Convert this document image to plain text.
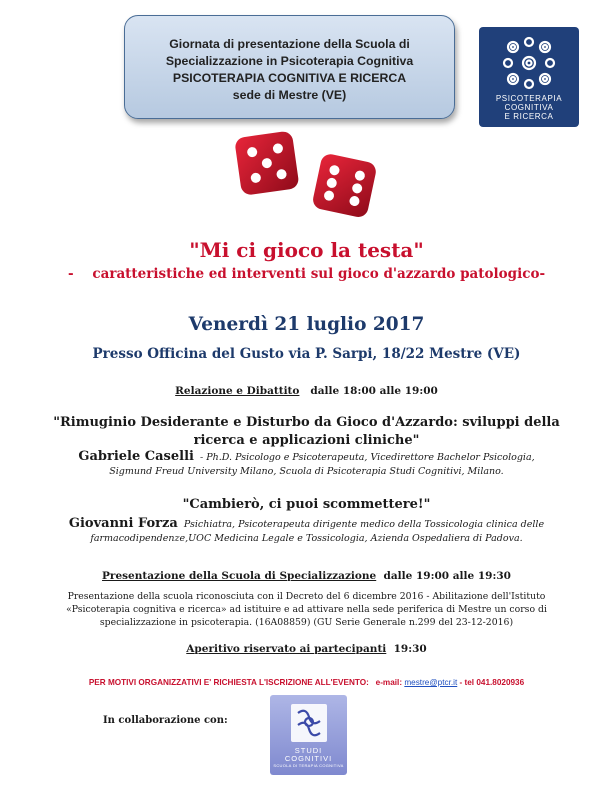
Giornata di presentazione della Scuola di
Specializzazione in Psicoterapia Cognitiva
PSICOTERAPIA COGNITIVA E RICERCA
sede di Mestre (VE)	PSICOTERAPIA
COGNITIVA
E RICERCA
"Mi ci gioco la testa"
- caratteristiche ed interventi sul gioco d'azzardo patologico-
Venerdì 21 luglio 2017
Presso Officina del Gusto via P. Sarpi, 18/22 Mestre (VE)
Relazione e Dibattito dalle 18:00 alle 19:00
"Rimuginio Desiderante e Disturbo da Gioco d'Azzardo: sviluppi della
ricerca e applicazioni cliniche"
Gabriele Caselli - Ph.D. Psicologo e Psicoterapeuta, Vicedirettore Bachelor Psicologia,
Sigmund Freud University Milano, Scuola di Psicoterapia Studi Cognitivi, Milano.
"Cambierò, ci puoi scommettere!"
Giovanni Forza Psichiatra, Psicoterapeuta dirigente medico della Tossicologia clinica delle
farmacodipendenze,UOC Medicina Legale e Tossicologia, Azienda Ospedaliera di Padova.
Presentazione della Scuola di Specializzazione dalle 19:00 alle 19:30
Presentazione della scuola riconosciuta con il Decreto del 6 dicembre 2016 - Abilitazione dell'Istituto
«Psicoterapia cognitiva e ricerca» ad istituire e ad attivare nella sede periferica di Mestre un corso di
specializzazione in psicoterapia. (16A08859) (GU Serie Generale n.299 del 23-12-2016)
Aperitivo riservato ai partecipanti 19:30
PER MOTIVI ORGANIZZATIVI E' RICHIESTA L'ISCRIZIONE ALL'EVENTO: e-mail: mestre@ptcr.it - tel 041.8020936
In collaborazione con:
STUDI
COGNITIVI
SCUOLA DI TERAPIA COGNITIVA
